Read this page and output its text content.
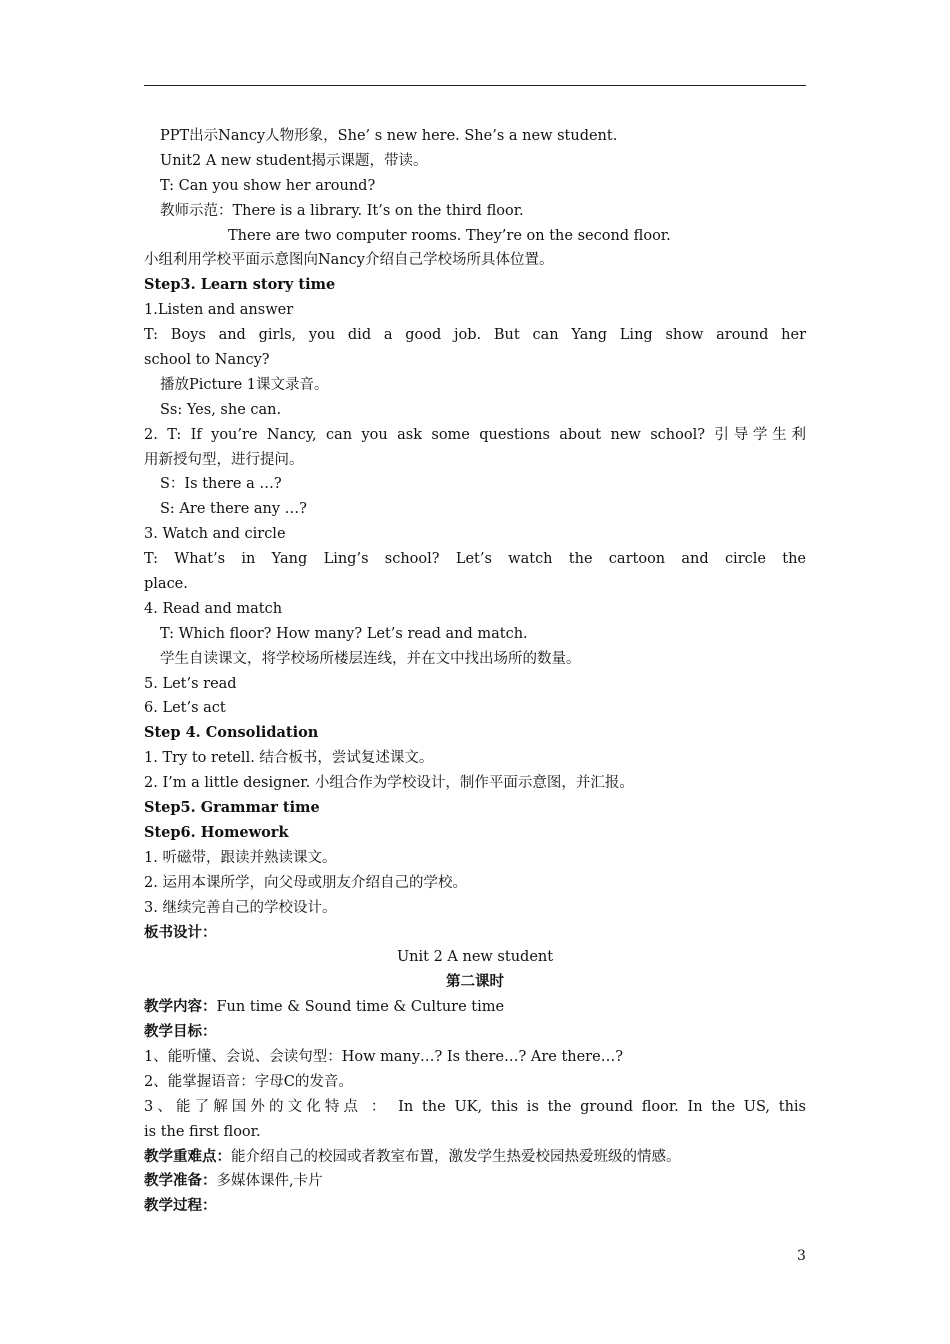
PPT出示Nancy人物形象，She’ s new here. She’s a new student.
Unit2 A new student揭示课题，带读。
T: Can you show her around?
教师示范：There is a library. It’s on the third floor.
There are two computer rooms. They’re on the second floor.
小组利用学校平面示意图向Nancy介绍自己学校场所具体位置。
Step3. Learn story time
1.Listen and answer
T: Boys and girls, you did a good job. But can Yang Ling show around her
school to Nancy?
播放Picture 1课文录音。
Ss: Yes, she can.
2. T: If you’re Nancy, can you ask some questions about new school? 引导学生利
用新授句型，进行提问。
S：Is there a …?
S: Are there any …?
3. Watch and circle
T: What’s in Yang Ling’s school? Let’s watch the cartoon and circle the
place.
4. Read and match
T: Which floor? How many? Let’s read and match.
学生自读课文，将学校场所楼层连线，并在文中找出场所的数量。
5. Let’s read
6. Let’s act
Step 4. Consolidation
1. Try to retell. 结合板书，尝试复述课文。
2. I’m a little designer. 小组合作为学校设计，制作平面示意图，并汇报。
Step5. Grammar time
Step6. Homework
1. 听磁带，跟读并熟读课文。
2. 运用本课所学，向父母或朋友介绍自己的学校。
3. 继续完善自己的学校设计。
板书设计：
Unit 2 A new student
第二课时
教学内容：Fun time & Sound time & Culture time
教学目标：
1、能听懂、会说、会读句型：How many…? Is there…? Are there…?
2、能掌握语音：字母C的发音。
3、能了解国外的文化特点 ： In the UK, this is the ground floor. In the US, this
is the first floor.
教学重难点：能介绍自己的校园或者教室布置，激发学生热爱校园热爱班级的情感。
教学准备：多媒体课件,卡片
教学过程：
3
